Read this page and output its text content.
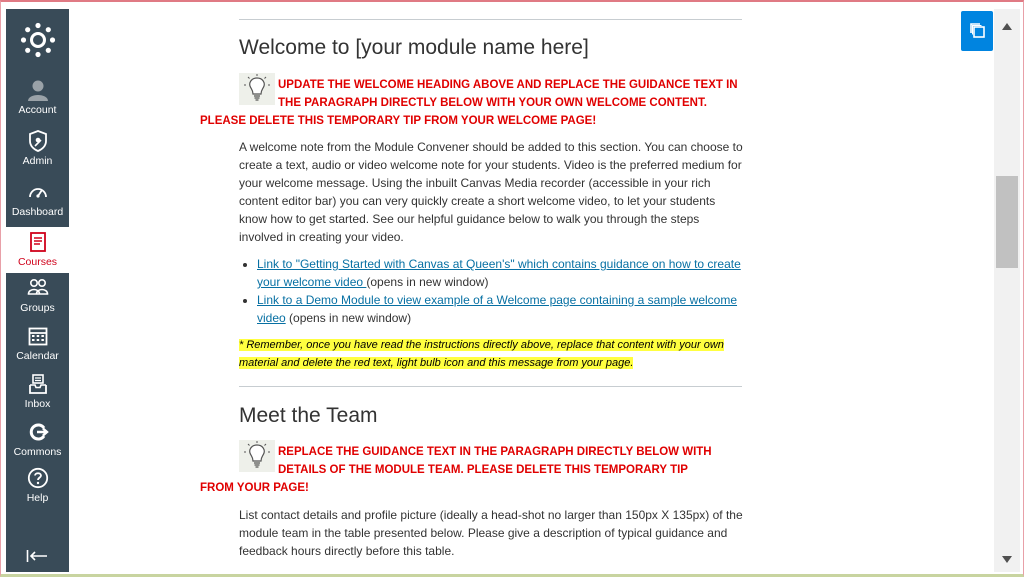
Account
Admin
Dashboard
Courses
Groups
Calendar
Inbox
Commons
Help
Welcome to [your module name here]
UPDATE THE WELCOME HEADING ABOVE AND REPLACE THE GUIDANCE TEXT IN
THE PARAGRAPH DIRECTLY BELOW WITH YOUR OWN WELCOME CONTENT.
PLEASE DELETE THIS TEMPORARY TIP FROM YOUR WELCOME PAGE!
A welcome note from the Module Convener should be added to this section. You can choose to create a text, audio or video welcome note for your students. Video is the preferred medium for your welcome message. Using the inbuilt Canvas Media recorder (accessible in your rich content editor bar) you can very quickly create a short welcome video, to let your students know how to get started. See our helpful guidance below to walk you through the steps involved in creating your video.
• Link to "Getting Started with Canvas at Queen's" which contains guidance on how to create your welcome video (opens in new window)
• Link to a Demo Module to view example of a Welcome page containing a sample welcome video (opens in new window)
* Remember, once you have read the instructions directly above, replace that content with your own material and delete the red text, light bulb icon and this message from your page.
Meet the Team
REPLACE THE GUIDANCE TEXT IN THE PARAGRAPH DIRECTLY BELOW WITH
DETAILS OF THE MODULE TEAM. PLEASE DELETE THIS TEMPORARY TIP
FROM YOUR PAGE!
List contact details and profile picture (ideally a head-shot no larger than 150px X 135px) of the module team in the table presented below. Please give a description of typical guidance and feedback hours directly before this table.
